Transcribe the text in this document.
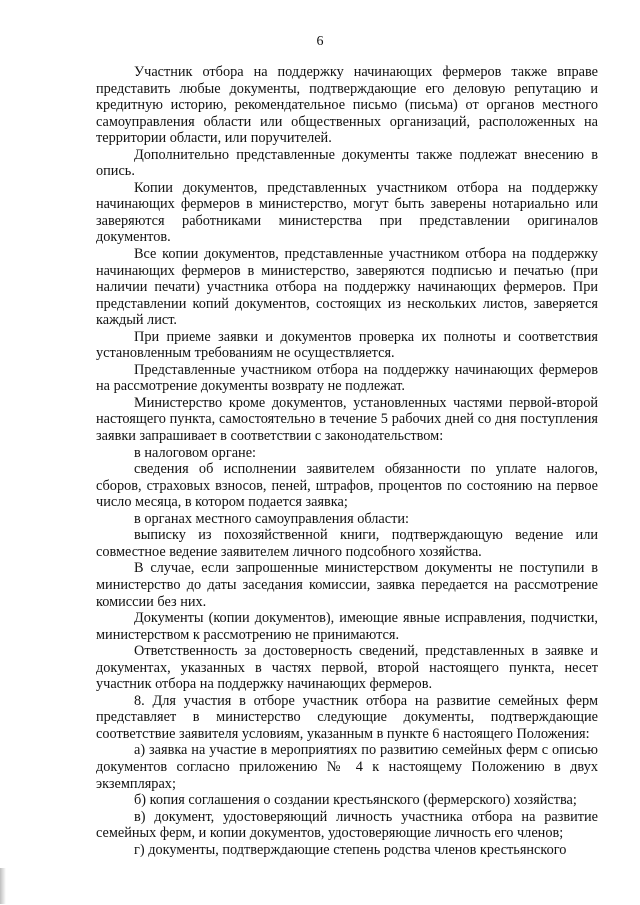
6

Участник отбора на поддержку начинающих фермеров также вправе представить любые документы, подтверждающие его деловую репутацию и кредитную историю, рекомендательное письмо (письма) от органов местного самоуправления области или общественных организаций, расположенных на территории области, или поручителей.

Дополнительно представленные документы также подлежат внесению в опись.

Копии документов, представленных участником отбора на поддержку начинающих фермеров в министерство, могут быть заверены нотариально или заверяются работниками министерства при представлении оригиналов документов.

Все копии документов, представленные участником отбора на поддержку начинающих фермеров в министерство, заверяются подписью и печатью (при наличии печати) участника отбора на поддержку начинающих фермеров. При представлении копий документов, состоящих из нескольких листов, заверяется каждый лист.

При приеме заявки и документов проверка их полноты и соответствия установленным требованиям не осуществляется.

Представленные участником отбора на поддержку начинающих фермеров на рассмотрение документы возврату не подлежат.

Министерство кроме документов, установленных частями первой-второй настоящего пункта, самостоятельно в течение 5 рабочих дней со дня поступления заявки запрашивает в соответствии с законодательством:

в налоговом органе:

сведения об исполнении заявителем обязанности по уплате налогов, сборов, страховых взносов, пеней, штрафов, процентов по состоянию на первое число месяца, в котором подается заявка;

в органах местного самоуправления области:

выписку из похозяйственной книги, подтверждающую ведение или совместное ведение заявителем личного подсобного хозяйства.

В случае, если запрошенные министерством документы не поступили в министерство до даты заседания комиссии, заявка передается на рассмотрение комиссии без них.

Документы (копии документов), имеющие явные исправления, подчистки, министерством к рассмотрению не принимаются.

Ответственность за достоверность сведений, представленных в заявке и документах, указанных в частях первой, второй настоящего пункта, несет участник отбора на поддержку начинающих фермеров.

8. Для участия в отборе участник отбора на развитие семейных ферм представляет в министерство следующие документы, подтверждающие соответствие заявителя условиям, указанным в пункте 6 настоящего Положения:

а) заявка на участие в мероприятиях по развитию семейных ферм с описью документов согласно приложению № 4 к настоящему Положению в двух экземплярах;

б) копия соглашения о создании крестьянского (фермерского) хозяйства;

в) документ, удостоверяющий личность участника отбора на развитие семейных ферм, и копии документов, удостоверяющие личность его членов;

г) документы, подтверждающие степень родства членов крестьянского
